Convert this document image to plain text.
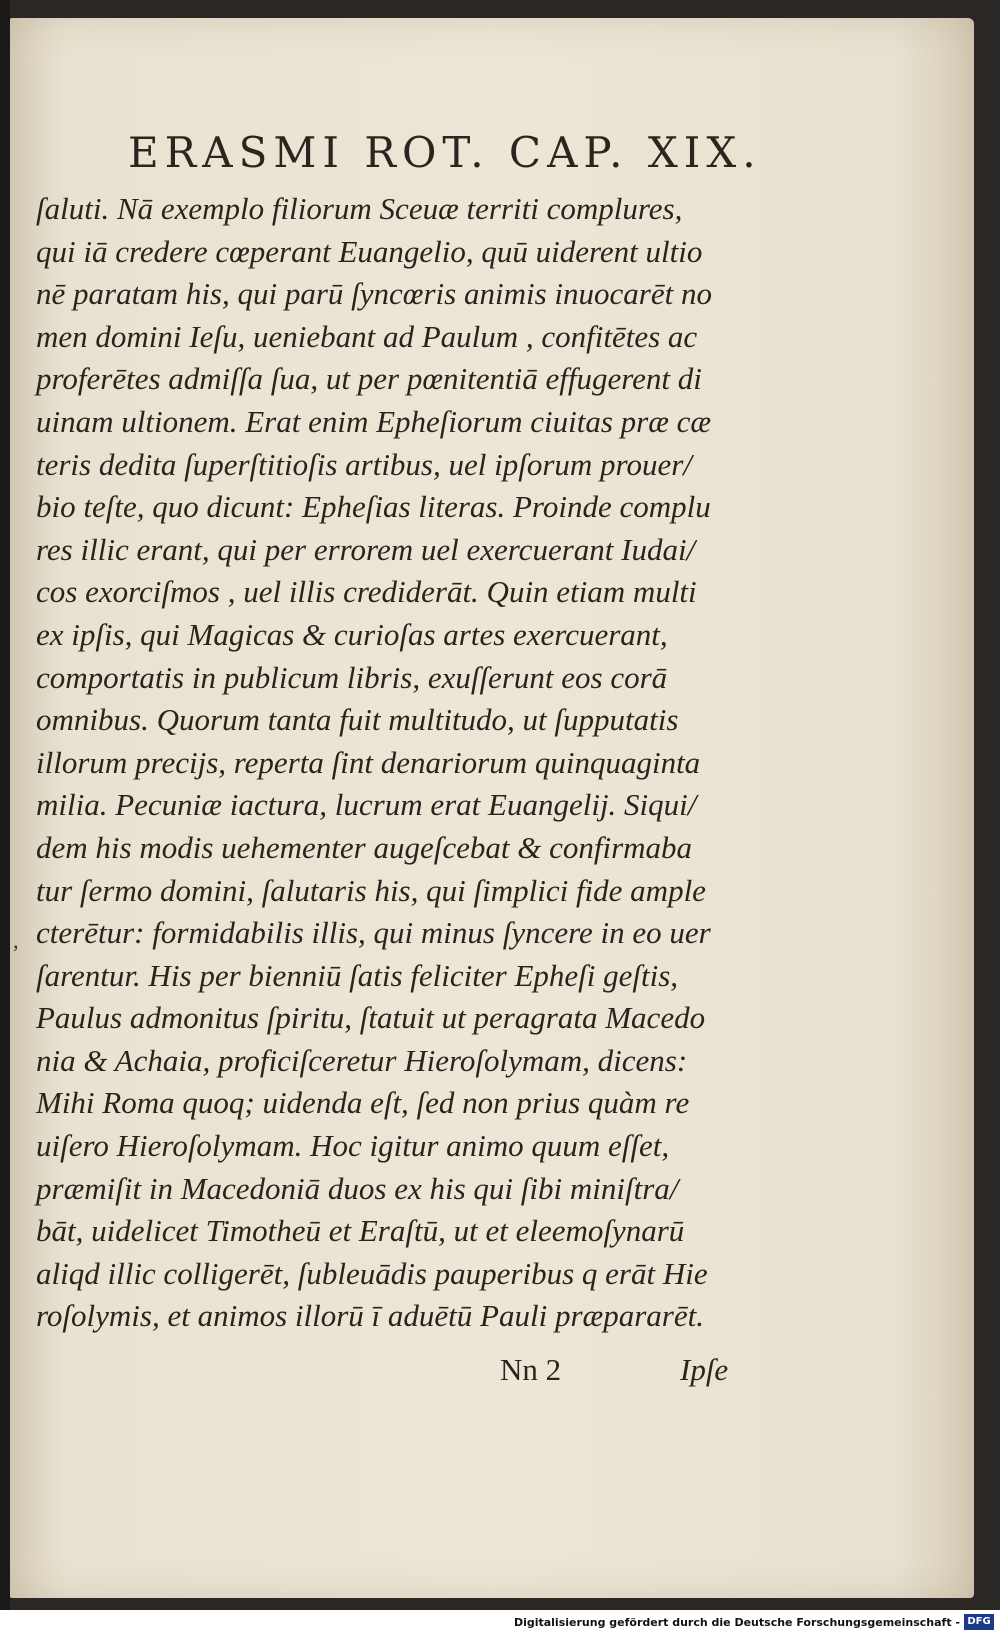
ERASMI ROT. CAP. XIX.
ſaluti. Nā exemplo filiorum Sceuæ territi complures,
qui iā credere cœperant Euangelio, quū uiderent ultio
nē paratam his, qui parū ſyncœris animis inuocarēt no
men domini Ieſu, ueniebant ad Paulum , confitētes ac
proferētes admiſſa ſua, ut per pœnitentiā effugerent di
uinam ultionem. Erat enim Epheſiorum ciuitas præ cæ
teris dedita ſuperſtitioſis artibus, uel ipſorum prouer/
bio teſte, quo dicunt: Epheſias literas. Proinde complu
res illic erant, qui per errorem uel exercuerant Iudai/
cos exorciſmos , uel illis crediderāt. Quin etiam multi
ex ipſis, qui Magicas & curioſas artes exercuerant,
comportatis in publicum libris, exuſſerunt eos corā
omnibus. Quorum tanta fuit multitudo, ut ſupputatis
illorum precijs, reperta ſint denariorum quinquaginta
milia. Pecuniæ iactura, lucrum erat Euangelij. Siqui/
dem his modis uehementer augeſcebat & confirmaba
tur ſermo domini, ſalutaris his, qui ſimplici fide ample
cterētur: formidabilis illis, qui minus ſyncere in eo uer
ſarentur. His per bienniū ſatis feliciter Epheſi geſtis,
Paulus admonitus ſpiritu, ſtatuit ut peragrata Macedo
nia & Achaia, proficiſceretur Hieroſolymam, dicens:
Mihi Roma quoq; uidenda eſt, ſed non prius quàm re
uiſero Hieroſolymam. Hoc igitur animo quum eſſet,
præmiſit in Macedoniā duos ex his qui ſibi miniſtra/
bāt, uidelicet Timotheū et Eraſtū, ut et eleemoſynarū
aliqd illic colligerēt, ſubleuādis pauperibus q erāt Hie
roſolymis, et animos illorū ī aduētū Pauli præpararēt.
‚
Nn 2	Ipſe
Digitalisierung gefördert durch die Deutsche Forschungsgemeinschaft - DFG
